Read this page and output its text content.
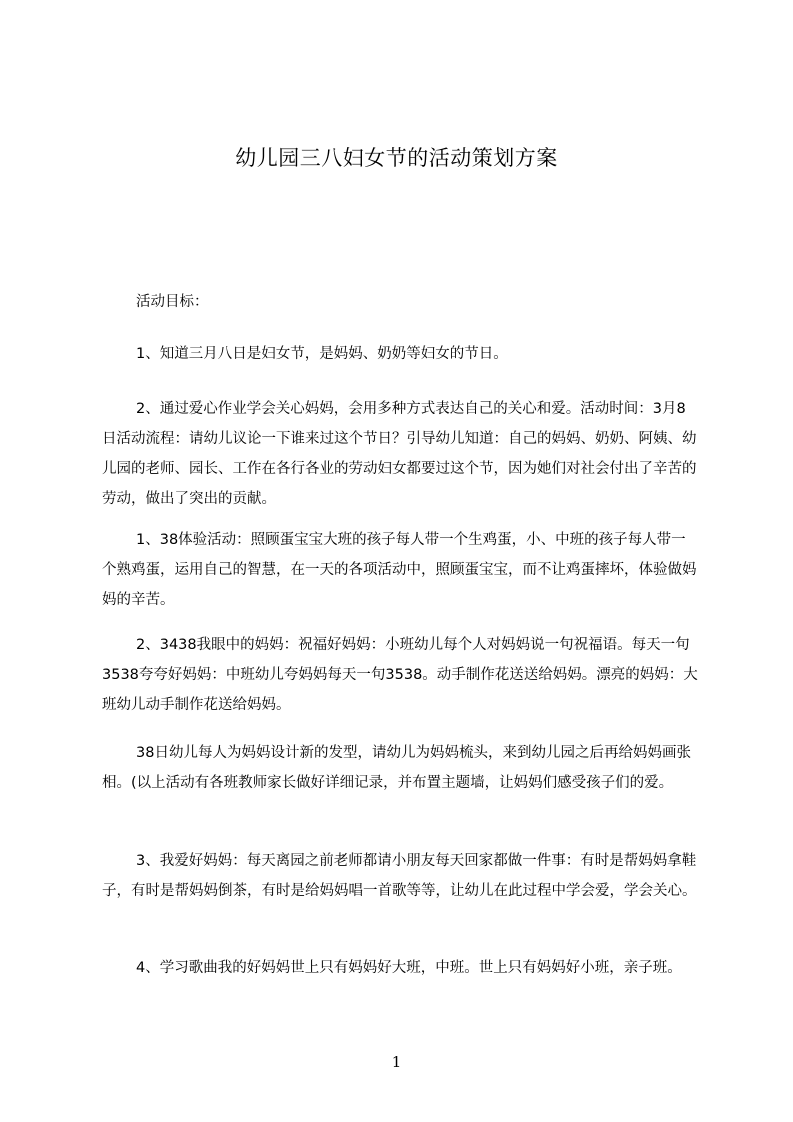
幼儿园三八妇女节的活动策划方案

活动目标：

1、知道三月八日是妇女节，是妈妈、奶奶等妇女的节日。

2、通过爱心作业学会关心妈妈，会用多种方式表达自己的关心和爱。活动时间：3月8日活动流程：请幼儿议论一下谁来过这个节日？引导幼儿知道：自己的妈妈、奶奶、阿姨、幼儿园的老师、园长、工作在各行各业的劳动妇女都要过这个节，因为她们对社会付出了辛苦的劳动，做出了突出的贡献。

1、38体验活动：照顾蛋宝宝大班的孩子每人带一个生鸡蛋，小、中班的孩子每人带一个熟鸡蛋，运用自己的智慧，在一天的各项活动中，照顾蛋宝宝，而不让鸡蛋摔坏，体验做妈妈的辛苦。

2、3438我眼中的妈妈：祝福好妈妈：小班幼儿每个人对妈妈说一句祝福语。每天一句3538夸夸好妈妈：中班幼儿夸妈妈每天一句3538。动手制作花送送给妈妈。漂亮的妈妈：大班幼儿动手制作花送给妈妈。

38日幼儿每人为妈妈设计新的发型，请幼儿为妈妈梳头，来到幼儿园之后再给妈妈画张相。(以上活动有各班教师家长做好详细记录，并布置主题墙，让妈妈们感受孩子们的爱。

3、我爱好妈妈：每天离园之前老师都请小朋友每天回家都做一件事：有时是帮妈妈拿鞋子，有时是帮妈妈倒茶，有时是给妈妈唱一首歌等等，让幼儿在此过程中学会爱，学会关心。

4、学习歌曲我的好妈妈世上只有妈妈好大班，中班。世上只有妈妈好小班，亲子班。

1
